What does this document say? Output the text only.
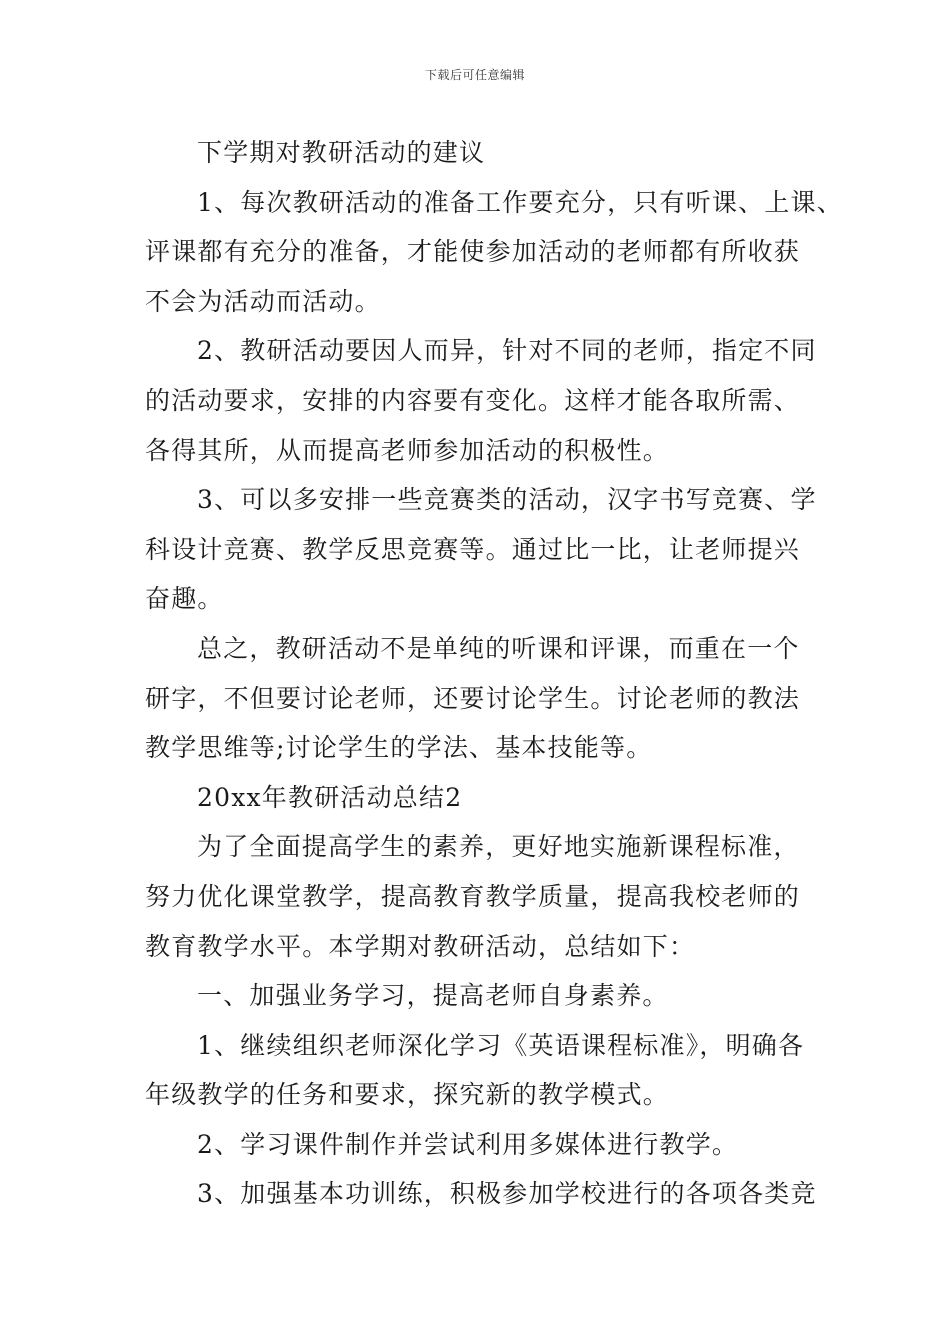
下载后可任意编辑
下学期对教研活动的建议
1、每次教研活动的准备工作要充分，只有听课、上课、
评课都有充分的准备，才能使参加活动的老师都有所收获
不会为活动而活动。
2、教研活动要因人而异，针对不同的老师，指定不同
的活动要求，安排的内容要有变化。这样才能各取所需、
各得其所，从而提高老师参加活动的积极性。
3、可以多安排一些竞赛类的活动，汉字书写竞赛、学
科设计竞赛、教学反思竞赛等。通过比一比，让老师提兴
奋趣。
总之，教研活动不是单纯的听课和评课，而重在一个
研字，不但要讨论老师，还要讨论学生。讨论老师的教法
教学思维等;讨论学生的学法、基本技能等。
20xx年教研活动总结2
为了全面提高学生的素养，更好地实施新课程标准，
努力优化课堂教学，提高教育教学质量，提高我校老师的
教育教学水平。本学期对教研活动，总结如下：
一、加强业务学习，提高老师自身素养。
1、继续组织老师深化学习《英语课程标准》，明确各
年级教学的任务和要求，探究新的教学模式。
2、学习课件制作并尝试利用多媒体进行教学。
3、加强基本功训练，积极参加学校进行的各项各类竞
